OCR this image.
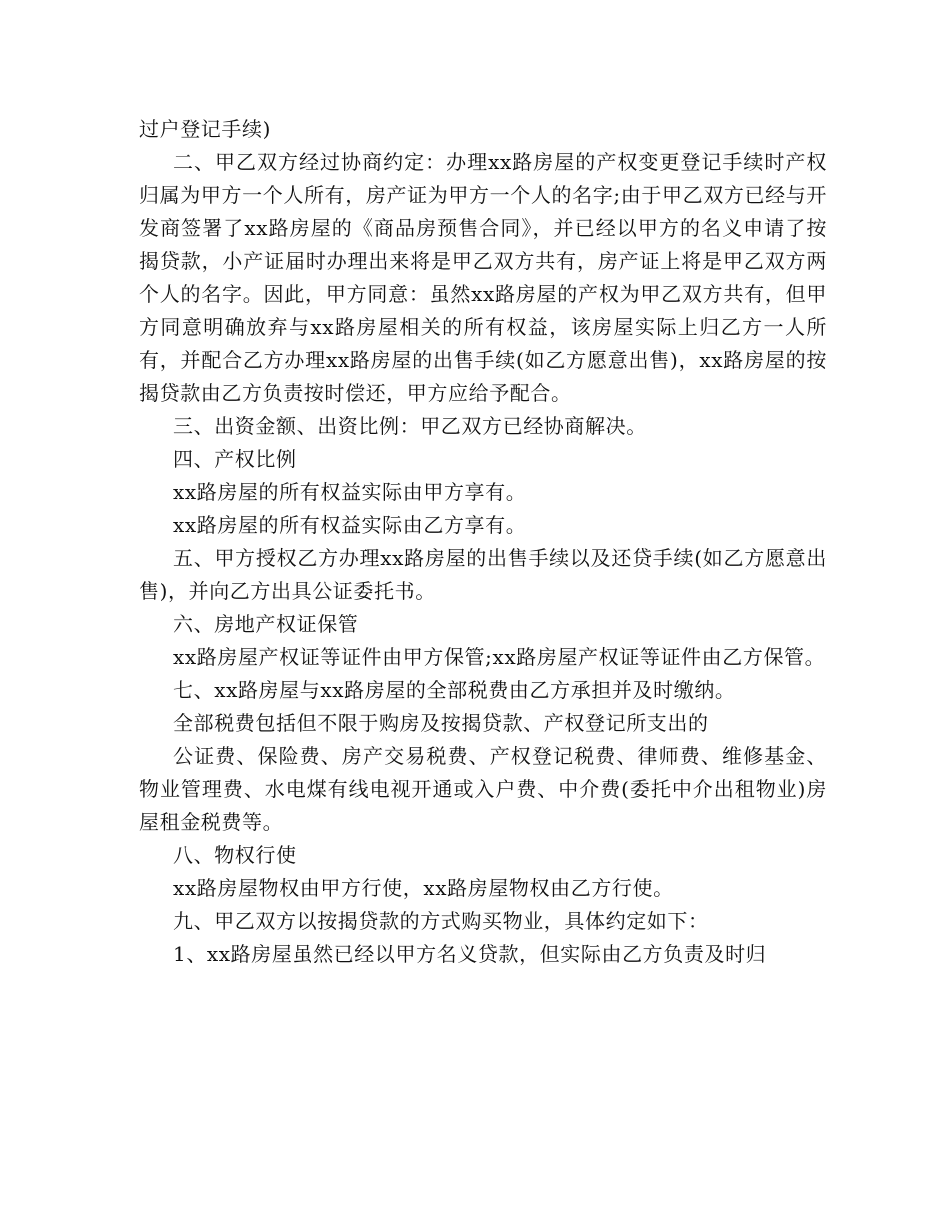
过户登记手续)

二、甲乙双方经过协商约定：办理xx路房屋的产权变更登记手续时产权归属为甲方一个人所有，房产证为甲方一个人的名字;由于甲乙双方已经与开发商签署了xx路房屋的《商品房预售合同》，并已经以甲方的名义申请了按揭贷款，小产证届时办理出来将是甲乙双方共有，房产证上将是甲乙双方两个人的名字。因此，甲方同意：虽然xx路房屋的产权为甲乙双方共有，但甲方同意明确放弃与xx路房屋相关的所有权益，该房屋实际上归乙方一人所有，并配合乙方办理xx路房屋的出售手续(如乙方愿意出售)，xx路房屋的按揭贷款由乙方负责按时偿还，甲方应给予配合。

三、出资金额、出资比例：甲乙双方已经协商解决。

四、产权比例

xx路房屋的所有权益实际由甲方享有。

xx路房屋的所有权益实际由乙方享有。

五、甲方授权乙方办理xx路房屋的出售手续以及还贷手续(如乙方愿意出售)，并向乙方出具公证委托书。

六、房地产权证保管

xx路房屋产权证等证件由甲方保管;xx路房屋产权证等证件由乙方保管。

七、xx路房屋与xx路房屋的全部税费由乙方承担并及时缴纳。

全部税费包括但不限于购房及按揭贷款、产权登记所支出的

公证费、保险费、房产交易税费、产权登记税费、律师费、维修基金、物业管理费、水电煤有线电视开通或入户费、中介费(委托中介出租物业)房屋租金税费等。

八、物权行使

xx路房屋物权由甲方行使，xx路房屋物权由乙方行使。

九、甲乙双方以按揭贷款的方式购买物业，具体约定如下：

1、xx路房屋虽然已经以甲方名义贷款，但实际由乙方负责及时归
